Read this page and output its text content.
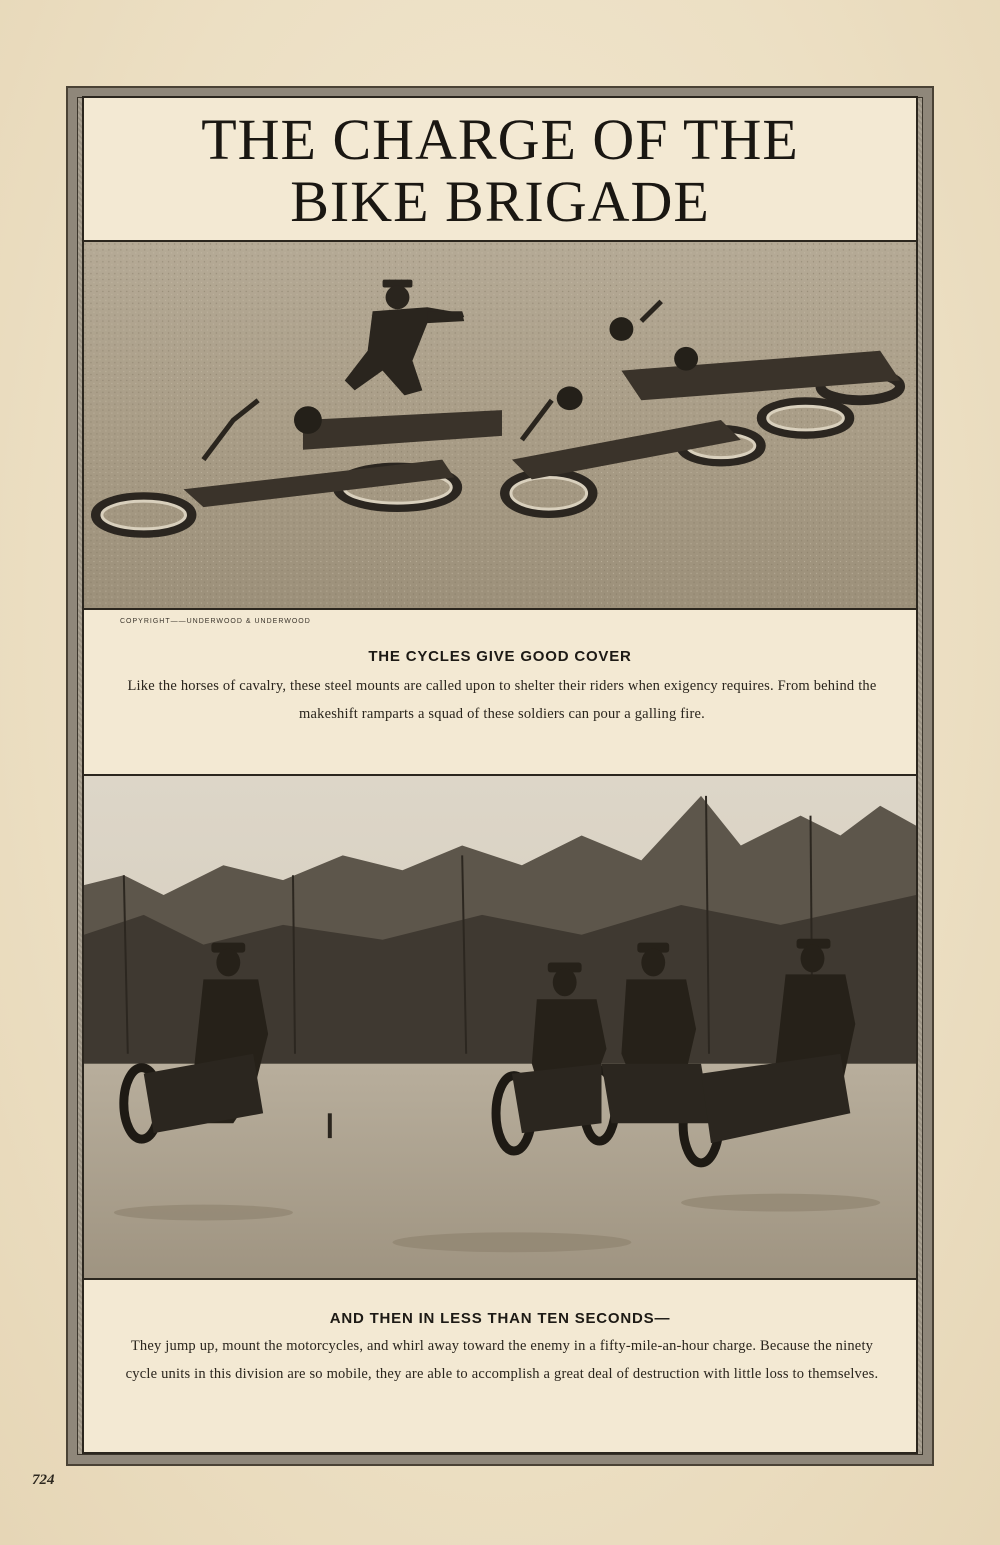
THE CHARGE OF THE
BIKE BRIGADE
COPYRIGHT——UNDERWOOD & UNDERWOOD
THE CYCLES GIVE GOOD COVER
Like the horses of cavalry, these steel mounts are called upon to shelter their riders when exigency requires. From behind the makeshift ramparts a squad of these soldiers can pour a galling fire.
AND THEN IN LESS THAN TEN SECONDS—
They jump up, mount the motorcycles, and whirl away toward the enemy in a fifty-mile-an-hour charge. Because the ninety cycle units in this division are so mobile, they are able to accomplish a great deal of destruction with little loss to themselves.
724
